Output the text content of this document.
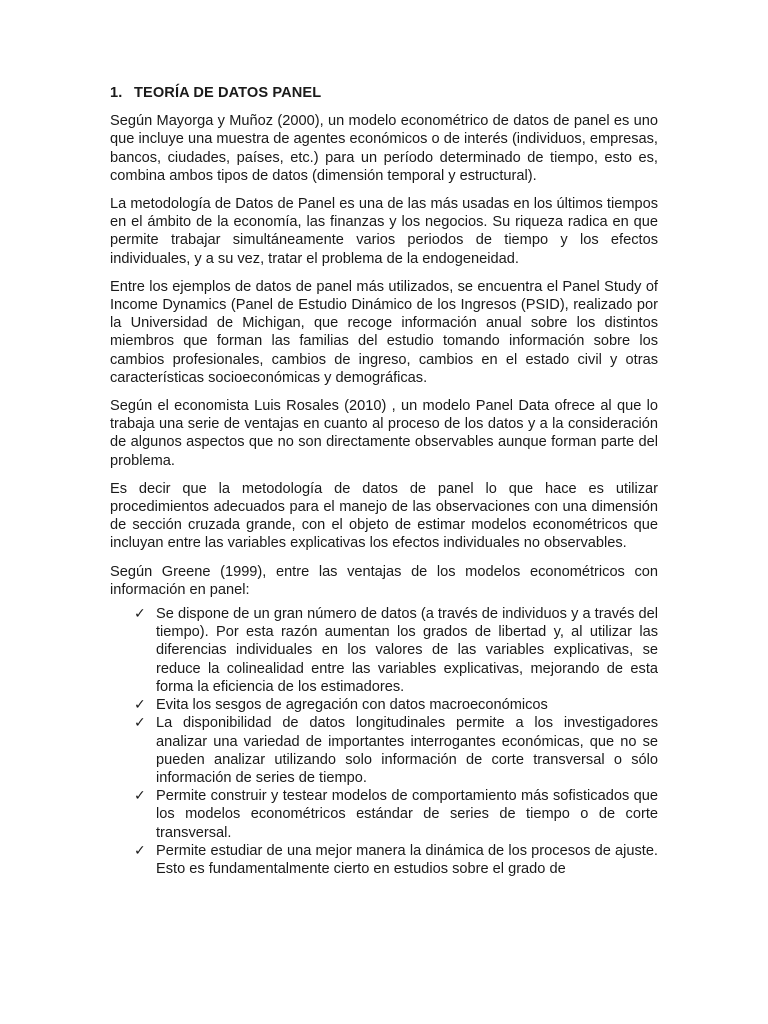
1. TEORÍA DE DATOS PANEL

Según Mayorga y Muñoz (2000), un modelo econométrico de datos de panel es uno que incluye una muestra de agentes económicos o de interés (individuos, empresas, bancos, ciudades, países, etc.) para un período determinado de tiempo, esto es, combina ambos tipos de datos (dimensión temporal y estructural).

La metodología de Datos de Panel es una de las más usadas en los últimos tiempos en el ámbito de la economía, las finanzas y los negocios. Su riqueza radica en que permite trabajar simultáneamente varios periodos de tiempo y los efectos individuales, y a su vez, tratar el problema de la endogeneidad.

Entre los ejemplos de datos de panel más utilizados, se encuentra el Panel Study of Income Dynamics (Panel de Estudio Dinámico de los Ingresos (PSID), realizado por la Universidad de Michigan, que recoge información anual sobre los distintos miembros que forman las familias del estudio tomando información sobre los cambios profesionales, cambios de ingreso, cambios en el estado civil y otras características socioeconómicas y demográficas.

Según el economista Luis Rosales (2010) , un modelo Panel Data ofrece al que lo trabaja una serie de ventajas en cuanto al proceso de los datos y a la consideración de algunos aspectos que no son directamente observables aunque forman parte del problema.

Es decir que la metodología de datos de panel lo que hace es utilizar procedimientos adecuados para el manejo de las observaciones con una dimensión de sección cruzada grande, con el objeto de estimar modelos econométricos que incluyan entre las variables explicativas los efectos individuales no observables.

Según Greene (1999), entre las ventajas de los modelos econométricos con información en panel:

✓ Se dispone de un gran número de datos (a través de individuos y a través del tiempo). Por esta razón aumentan los grados de libertad y, al utilizar las diferencias individuales en los valores de las variables explicativas, se reduce la colinealidad entre las variables explicativas, mejorando de esta forma la eficiencia de los estimadores.
✓ Evita los sesgos de agregación con datos macroeconómicos
✓ La disponibilidad de datos longitudinales permite a los investigadores analizar una variedad de importantes interrogantes económicas, que no se pueden analizar utilizando solo información de corte transversal o sólo información de series de tiempo.
✓ Permite construir y testear modelos de comportamiento más sofisticados que los modelos econométricos estándar de series de tiempo o de corte transversal.
✓ Permite estudiar de una mejor manera la dinámica de los procesos de ajuste. Esto es fundamentalmente cierto en estudios sobre el grado de
